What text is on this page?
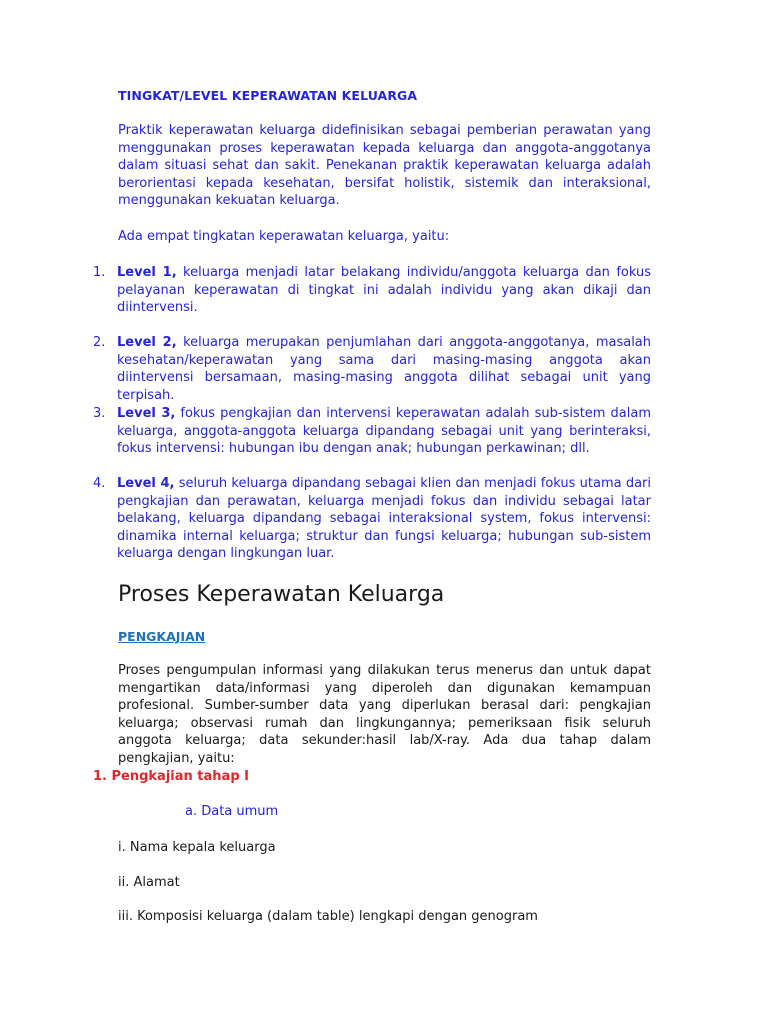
TINGKAT/LEVEL KEPERAWATAN KELUARGA
Praktik keperawatan keluarga didefinisikan sebagai pemberian perawatan yang menggunakan proses keperawatan kepada keluarga dan anggota-anggotanya dalam situasi sehat dan sakit. Penekanan praktik keperawatan keluarga adalah berorientasi kepada kesehatan, bersifat holistik, sistemik dan interaksional, menggunakan kekuatan keluarga.
Ada empat tingkatan keperawatan keluarga, yaitu:
1. Level 1, keluarga menjadi latar belakang individu/anggota keluarga dan fokus pelayanan keperawatan di tingkat ini adalah individu yang akan dikaji dan diintervensi.
2. Level 2, keluarga merupakan penjumlahan dari anggota-anggotanya, masalah kesehatan/keperawatan yang sama dari masing-masing anggota akan diintervensi bersamaan, masing-masing anggota dilihat sebagai unit yang terpisah.
3. Level 3, fokus pengkajian dan intervensi keperawatan adalah sub-sistem dalam keluarga, anggota-anggota keluarga dipandang sebagai unit yang berinteraksi, fokus intervensi: hubungan ibu dengan anak; hubungan perkawinan; dll.
4. Level 4, seluruh keluarga dipandang sebagai klien dan menjadi fokus utama dari pengkajian dan perawatan, keluarga menjadi fokus dan individu sebagai latar belakang, keluarga dipandang sebagai interaksional system, fokus intervensi: dinamika internal keluarga; struktur dan fungsi keluarga; hubungan sub-sistem keluarga dengan lingkungan luar.
Proses Keperawatan Keluarga
PENGKAJIAN
Proses pengumpulan informasi yang dilakukan terus menerus dan untuk dapat mengartikan data/informasi yang diperoleh dan digunakan kemampuan profesional. Sumber-sumber data yang diperlukan berasal dari: pengkajian keluarga; observasi rumah dan lingkungannya; pemeriksaan fisik seluruh anggota keluarga; data sekunder:hasil lab/X-ray. Ada dua tahap dalam pengkajian, yaitu:
1. Pengkajian tahap I
a. Data umum
i. Nama kepala keluarga
ii. Alamat
iii. Komposisi keluarga (dalam table) lengkapi dengan genogram
